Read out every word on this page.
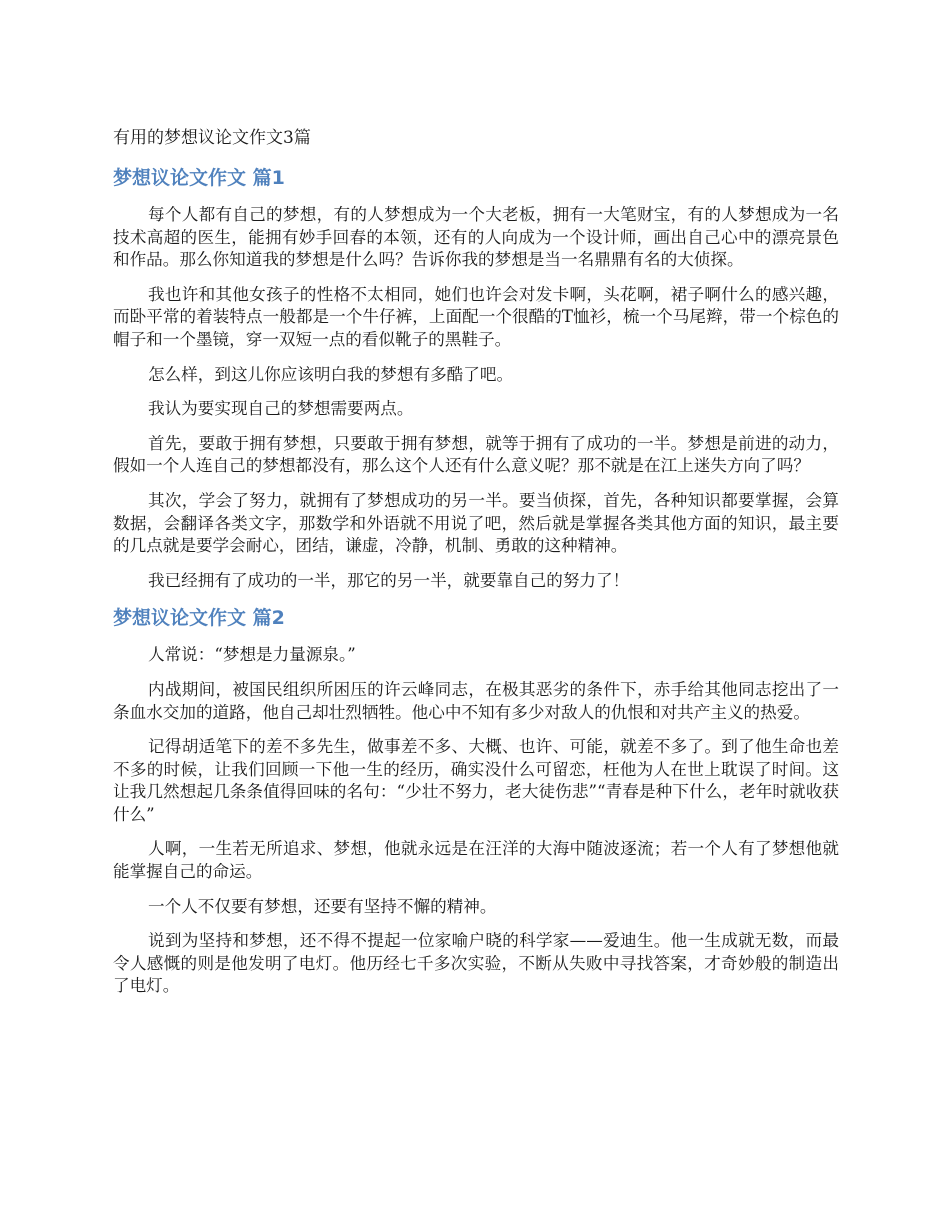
有用的梦想议论文作文3篇
梦想议论文作文 篇1

每个人都有自己的梦想，有的人梦想成为一个大老板，拥有一大笔财宝，有的人梦想成为一名技术高超的医生，能拥有妙手回春的本领，还有的人向成为一个设计师，画出自己心中的漂亮景色和作品。那么你知道我的梦想是什么吗？告诉你我的梦想是当一名鼎鼎有名的大侦探。

我也许和其他女孩子的性格不太相同，她们也许会对发卡啊，头花啊，裙子啊什么的感兴趣，而卧平常的着装特点一般都是一个牛仔裤，上面配一个很酷的T恤衫，梳一个马尾辫，带一个棕色的帽子和一个墨镜，穿一双短一点的看似靴子的黑鞋子。

怎么样，到这儿你应该明白我的梦想有多酷了吧。

我认为要实现自己的梦想需要两点。

首先，要敢于拥有梦想，只要敢于拥有梦想，就等于拥有了成功的一半。梦想是前进的动力，假如一个人连自己的梦想都没有，那么这个人还有什么意义呢？那不就是在江上迷失方向了吗？

其次，学会了努力，就拥有了梦想成功的另一半。要当侦探，首先，各种知识都要掌握，会算数据，会翻译各类文字，那数学和外语就不用说了吧，然后就是掌握各类其他方面的知识，最主要的几点就是要学会耐心，团结，谦虚，冷静，机制、勇敢的这种精神。

我已经拥有了成功的一半，那它的另一半，就要靠自己的努力了！

梦想议论文作文 篇2

人常说：“梦想是力量源泉。”

内战期间，被国民组织所困压的许云峰同志，在极其恶劣的条件下，赤手给其他同志挖出了一条血水交加的道路，他自己却壮烈牺牲。他心中不知有多少对敌人的仇恨和对共产主义的热爱。

记得胡适笔下的差不多先生，做事差不多、大概、也许、可能，就差不多了。到了他生命也差不多的时候，让我们回顾一下他一生的经历，确实没什么可留恋，枉他为人在世上耽误了时间。这让我几然想起几条条值得回味的名句：“少壮不努力，老大徒伤悲”“青春是种下什么，老年时就收获什么”

人啊，一生若无所追求、梦想，他就永远是在汪洋的大海中随波逐流；若一个人有了梦想他就能掌握自己的命运。

一个人不仅要有梦想，还要有坚持不懈的精神。

说到为坚持和梦想，还不得不提起一位家喻户晓的科学家——爱迪生。他一生成就无数，而最令人感慨的则是他发明了电灯。他历经七千多次实验，不断从失败中寻找答案，才奇妙般的制造出了电灯。
